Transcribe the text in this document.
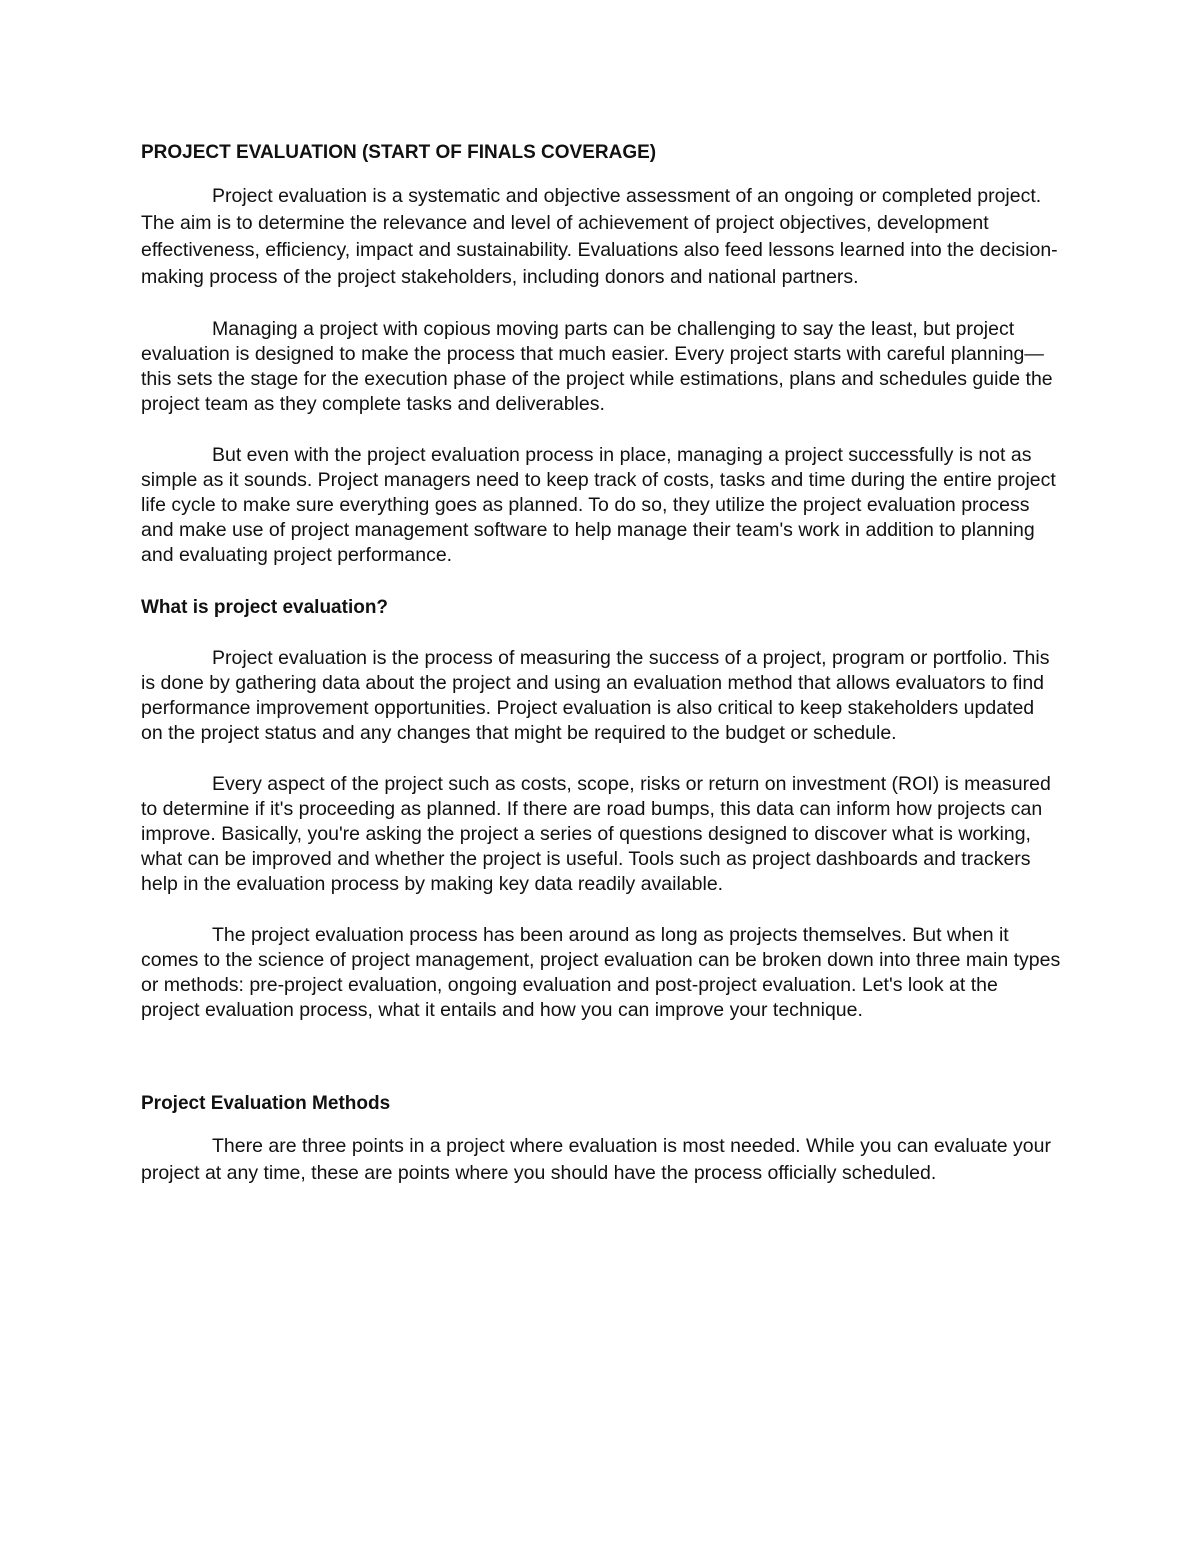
PROJECT EVALUATION (START OF FINALS COVERAGE)

Project evaluation is a systematic and objective assessment of an ongoing or completed project. The aim is to determine the relevance and level of achievement of project objectives, development effectiveness, efficiency, impact and sustainability. Evaluations also feed lessons learned into the decision-making process of the project stakeholders, including donors and national partners.

Managing a project with copious moving parts can be challenging to say the least, but project evaluation is designed to make the process that much easier. Every project starts with careful planning—this sets the stage for the execution phase of the project while estimations, plans and schedules guide the project team as they complete tasks and deliverables.

But even with the project evaluation process in place, managing a project successfully is not as simple as it sounds. Project managers need to keep track of costs, tasks and time during the entire project life cycle to make sure everything goes as planned. To do so, they utilize the project evaluation process and make use of project management software to help manage their team's work in addition to planning and evaluating project performance.

What is project evaluation?

Project evaluation is the process of measuring the success of a project, program or portfolio. This is done by gathering data about the project and using an evaluation method that allows evaluators to find performance improvement opportunities. Project evaluation is also critical to keep stakeholders updated on the project status and any changes that might be required to the budget or schedule.

Every aspect of the project such as costs, scope, risks or return on investment (ROI) is measured to determine if it's proceeding as planned. If there are road bumps, this data can inform how projects can improve. Basically, you're asking the project a series of questions designed to discover what is working, what can be improved and whether the project is useful. Tools such as project dashboards and trackers help in the evaluation process by making key data readily available.

The project evaluation process has been around as long as projects themselves. But when it comes to the science of project management, project evaluation can be broken down into three main types or methods: pre-project evaluation, ongoing evaluation and post-project evaluation. Let's look at the project evaluation process, what it entails and how you can improve your technique.

Project Evaluation Methods

There are three points in a project where evaluation is most needed. While you can evaluate your project at any time, these are points where you should have the process officially scheduled.
